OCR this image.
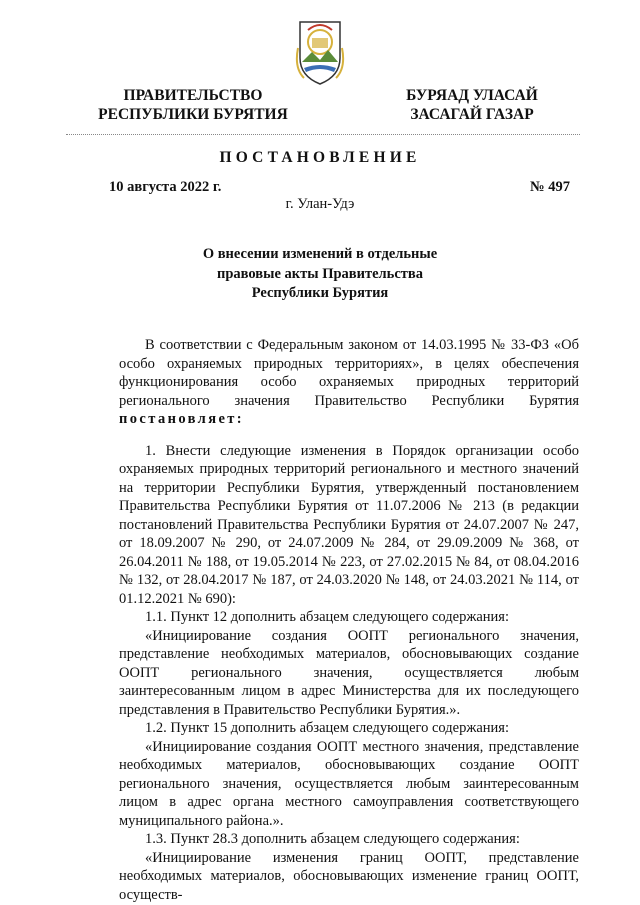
ПРАВИТЕЛЬСТВО
РЕСПУБЛИКИ БУРЯТИЯ
БУРЯАД УЛАСАЙ
ЗАСАГАЙ ГАЗАР
ПОСТАНОВЛЕНИЕ
10 августа 2022 г.	№ 497
г. Улан-Удэ
О внесении изменений в отдельные
правовые акты Правительства
Республики Бурятия

В соответствии с Федеральным законом от 14.03.1995 № 33-ФЗ «Об особо охраняемых природных территориях», в целях обеспечения функционирования особо охраняемых природных территорий регионального значения Правительство Республики Бурятия постановляет:

1. Внести следующие изменения в Порядок организации особо охраняемых природных территорий регионального и местного значений на территории Республики Бурятия, утвержденный постановлением Правительства Республики Бурятия от 11.07.2006 № 213 (в редакции постановлений Правительства Республики Бурятия от 24.07.2007 № 247, от 18.09.2007 № 290, от 24.07.2009 № 284, от 29.09.2009 № 368, от 26.04.2011 № 188, от 19.05.2014 № 223, от 27.02.2015 № 84, от 08.04.2016 № 132, от 28.04.2017 № 187, от 24.03.2020 № 148, от 24.03.2021 № 114, от 01.12.2021 № 690):

1.1. Пункт 12 дополнить абзацем следующего содержания:

«Инициирование создания ООПТ регионального значения, представление необходимых материалов, обосновывающих создание ООПТ регионального значения, осуществляется любым заинтересованным лицом в адрес Министерства для их последующего представления в Правительство Республики Бурятия.».

1.2. Пункт 15 дополнить абзацем следующего содержания:

«Инициирование создания ООПТ местного значения, представление необходимых материалов, обосновывающих создание ООПТ регионального значения, осуществляется любым заинтересованным лицом в адрес органа местного самоуправления соответствующего муниципального района.».

1.3. Пункт 28.3 дополнить абзацем следующего содержания:

«Инициирование изменения границ ООПТ, представление необходимых материалов, обосновывающих изменение границ ООПТ, осуществ-
